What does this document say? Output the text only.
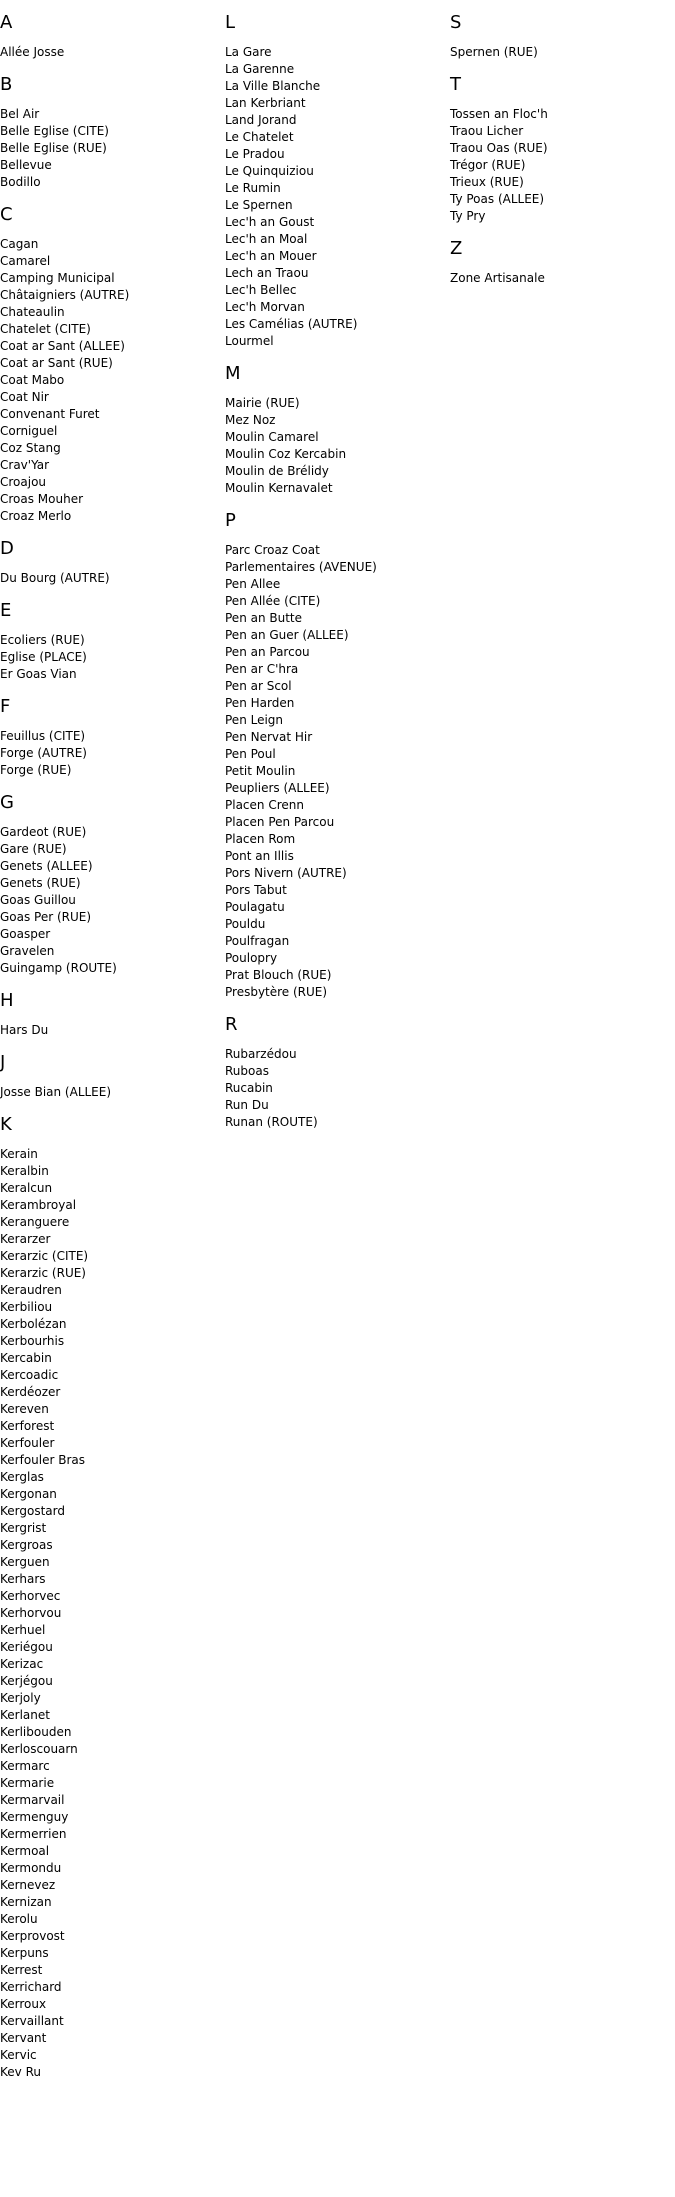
A
Allée Josse
B
Bel Air
Belle Eglise (CITE)
Belle Eglise (RUE)
Bellevue
Bodillo
C
Cagan
Camarel
Camping Municipal
Châtaigniers (AUTRE)
Chateaulin
Chatelet (CITE)
Coat ar Sant (ALLEE)
Coat ar Sant (RUE)
Coat Mabo
Coat Nir
Convenant Furet
Corniguel
Coz Stang
Crav'Yar
Croajou
Croas Mouher
Croaz Merlo
D
Du Bourg (AUTRE)
E
Ecoliers (RUE)
Eglise (PLACE)
Er Goas Vian
F
Feuillus (CITE)
Forge (AUTRE)
Forge (RUE)
G
Gardeot (RUE)
Gare (RUE)
Genets (ALLEE)
Genets (RUE)
Goas Guillou
Goas Per (RUE)
Goasper
Gravelen
Guingamp (ROUTE)
H
Hars Du
J
Josse Bian (ALLEE)
K
Kerain
Keralbin
Keralcun
Kerambroyal
Keranguere
Kerarzer
Kerarzic (CITE)
Kerarzic (RUE)
Keraudren
Kerbiliou
Kerbolézan
Kerbourhis
Kercabin
Kercoadic
Kerdéozer
Kereven
Kerforest
Kerfouler
Kerfouler Bras
Kerglas
Kergonan
Kergostard
Kergrist
Kergroas
Kerguen
Kerhars
Kerhorvec
Kerhorvou
Kerhuel
Keriégou
Kerizac
Kerjégou
Kerjoly
Kerlanet
Kerlibouden
Kerloscouarn
Kermarc
Kermarie
Kermarvail
Kermenguy
Kermerrien
Kermoal
Kermondu
Kernevez
Kernizan
Kerolu
Kerprovost
Kerpuns
Kerrest
Kerrichard
Kerroux
Kervaillant
Kervant
Kervic
Kev Ru
L
La Gare
La Garenne
La Ville Blanche
Lan Kerbriant
Land Jorand
Le Chatelet
Le Pradou
Le Quinquiziou
Le Rumin
Le Spernen
Lec'h an Goust
Lec'h an Moal
Lec'h an Mouer
Lech an Traou
Lec'h Bellec
Lec'h Morvan
Les Camélias (AUTRE)
Lourmel
M
Mairie (RUE)
Mez Noz
Moulin Camarel
Moulin Coz Kercabin
Moulin de Brélidy
Moulin Kernavalet
P
Parc Croaz Coat
Parlementaires (AVENUE)
Pen Allee
Pen Allée (CITE)
Pen an Butte
Pen an Guer (ALLEE)
Pen an Parcou
Pen ar C'hra
Pen ar Scol
Pen Harden
Pen Leign
Pen Nervat Hir
Pen Poul
Petit Moulin
Peupliers (ALLEE)
Placen Crenn
Placen Pen Parcou
Placen Rom
Pont an Illis
Pors Nivern (AUTRE)
Pors Tabut
Poulagatu
Pouldu
Poulfragan
Poulopry
Prat Blouch (RUE)
Presbytère (RUE)
R
Rubarzédou
Ruboas
Rucabin
Run Du
Runan (ROUTE)
S
Spernen (RUE)
T
Tossen an Floc'h
Traou Licher
Traou Oas (RUE)
Trégor (RUE)
Trieux (RUE)
Ty Poas (ALLEE)
Ty Pry
Z
Zone Artisanale
